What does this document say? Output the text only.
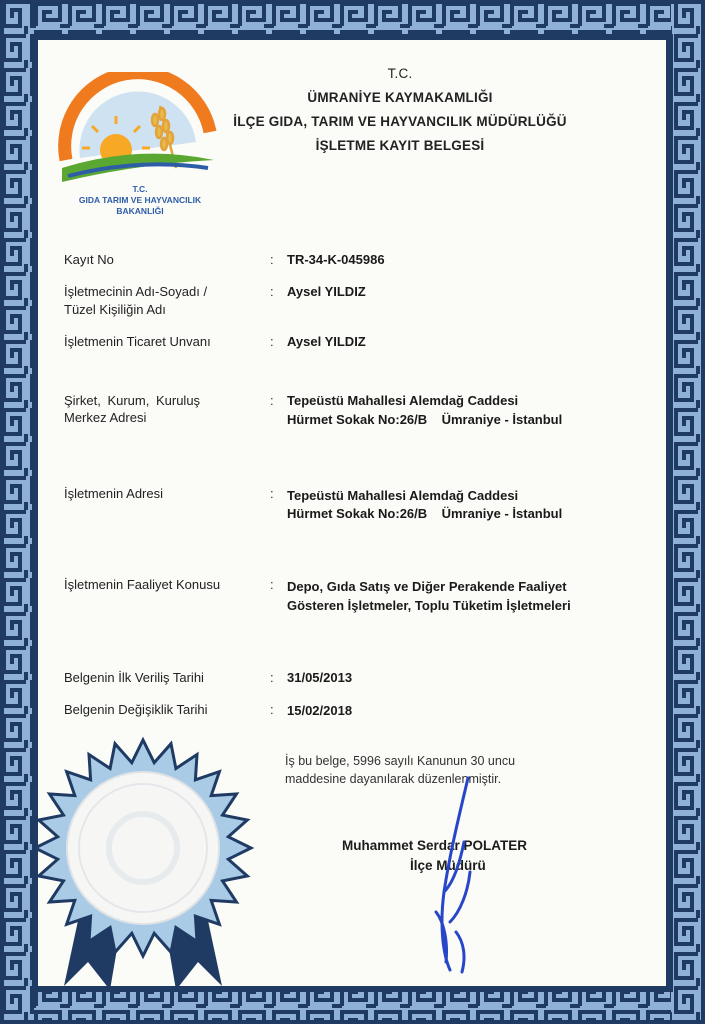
T.C.
GIDA TARIM VE HAYVANCILIK
BAKANLIĞI
T.C.
ÜMRANİYE KAYMAKAMLIĞI
İLÇE GIDA, TARIM VE HAYVANCILIK MÜDÜRLÜĞÜ
İŞLETME KAYIT BELGESİ
Kayıt No	: TR-34-K-045986
İşletmecinin Adı-Soyadı /
Tüzel Kişiliğin Adı
: Aysel YILDIZ
İşletmenin Ticaret Unvanı	: Aysel YILDIZ
Şirket, Kurum, Kuruluş
Merkez Adresi
: Tepeüstü Mahallesi Alemdağ Caddesi
Hürmet Sokak No:26/B    Ümraniye - İstanbul
İşletmenin Adresi	: Tepeüstü Mahallesi Alemdağ Caddesi
Hürmet Sokak No:26/B    Ümraniye - İstanbul
İşletmenin Faaliyet Konusu	: Depo, Gıda Satış ve Diğer Perakende Faaliyet
Gösteren İşletmeler, Toplu Tüketim İşletmeleri
Belgenin İlk Veriliş Tarihi	: 31/05/2013
Belgenin Değişiklik Tarihi	: 15/02/2018
İş bu belge, 5996 sayılı Kanunun 30 uncu
maddesine dayanılarak düzenlenmiştir.
Muhammet Serdar POLATER
İlçe Müdürü
